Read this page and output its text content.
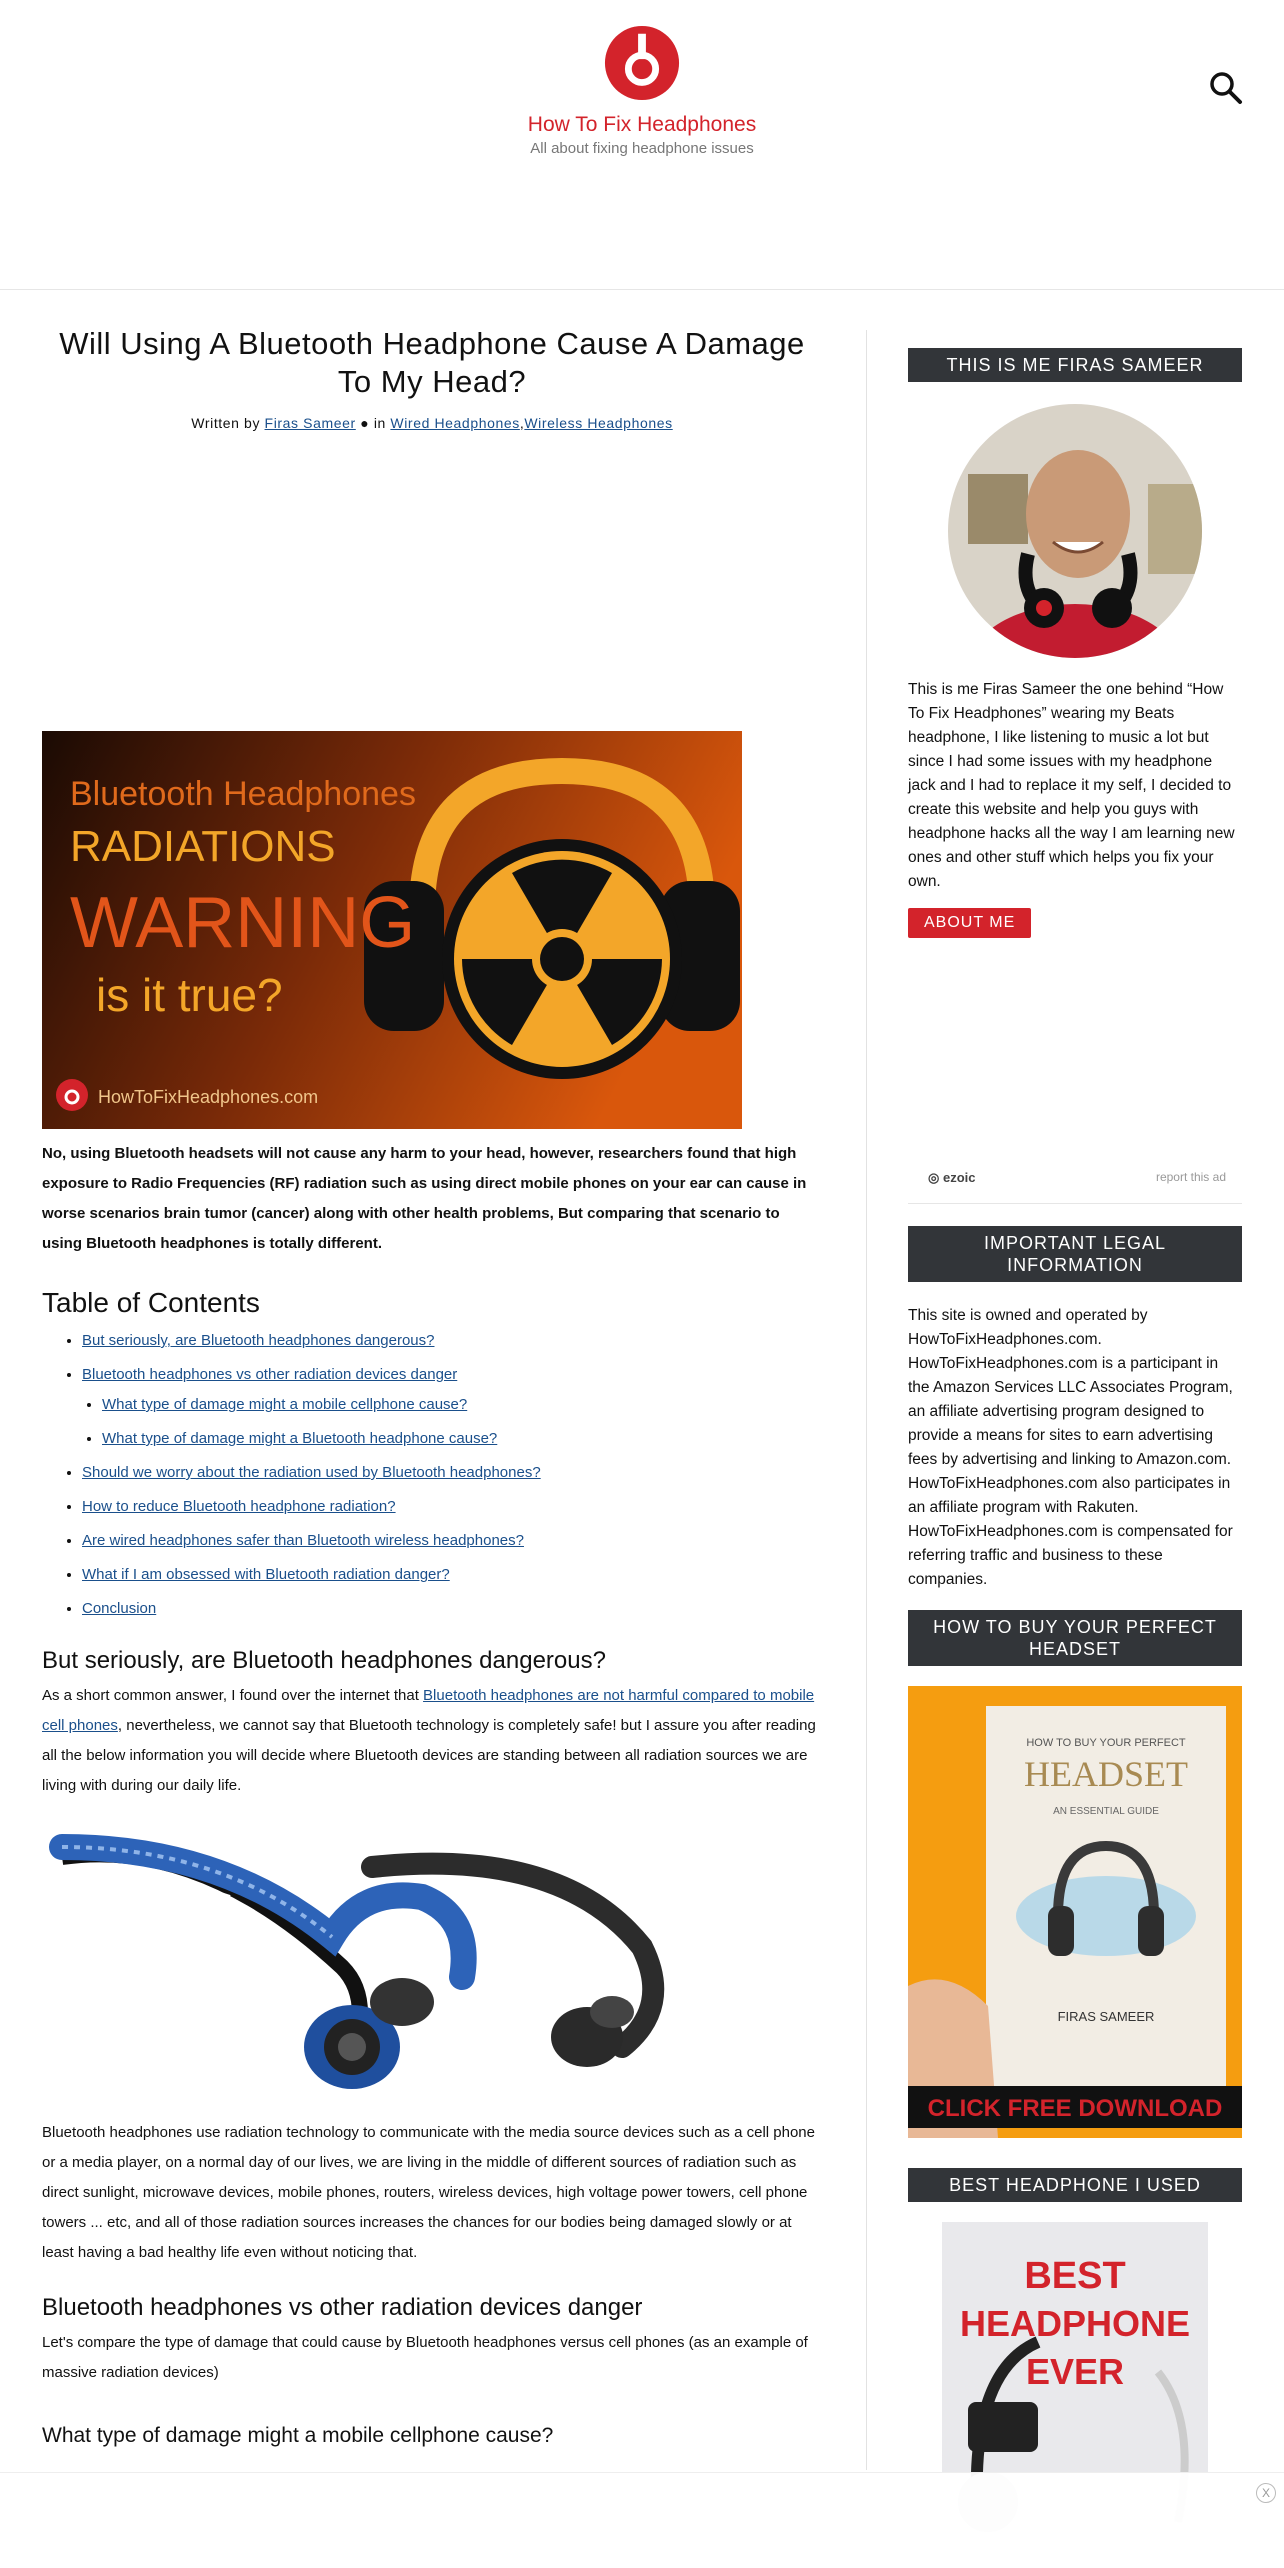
How To Fix Headphones
All about fixing headphone issues
Will Using A Bluetooth Headphone Cause A Damage To My Head?
Written by Firas Sameer ● in Wired Headphones,Wireless Headphones
Bluetooth Headphones
RADIATIONS
WARNING
is it true?
HowToFixHeadphones.com

No, using Bluetooth headsets will not cause any harm to your head, however, researchers found that high exposure to Radio Frequencies (RF) radiation such as using direct mobile phones on your ear can cause in worse scenarios brain tumor (cancer) along with other health problems, But comparing that scenario to using Bluetooth headphones is totally different.

Table of Contents
• But seriously, are Bluetooth headphones dangerous?
• Bluetooth headphones vs other radiation devices danger
• What type of damage might a mobile cellphone cause?
• What type of damage might a Bluetooth headphone cause?
• Should we worry about the radiation used by Bluetooth headphones?
• How to reduce Bluetooth headphone radiation?
• Are wired headphones safer than Bluetooth wireless headphones?
• What if I am obsessed with Bluetooth radiation danger?
• Conclusion
But seriously, are Bluetooth headphones dangerous?

As a short common answer, I found over the internet that Bluetooth headphones are not harmful compared to mobile cell phones, nevertheless, we cannot say that Bluetooth technology is completely safe! but I assure you after reading all the below information you will decide where Bluetooth devices are standing between all radiation sources we are living with during our daily life.

PLT

Bluetooth headphones use radiation technology to communicate with the media source devices such as a cell phone or a media player, on a normal day of our lives, we are living in the middle of different sources of radiation such as direct sunlight, microwave devices, mobile phones, routers, wireless devices, high voltage power towers, cell phone towers ... etc, and all of those radiation sources increases the chances for our bodies being damaged slowly or at least having a bad healthy life even without noticing that.

Bluetooth headphones vs other radiation devices danger

Let's compare the type of damage that could cause by Bluetooth headphones versus cell phones (as an example of massive radiation devices)

What type of damage might a mobile cellphone cause?
THIS IS ME FIRAS SAMEER

This is me Firas Sameer the one behind “How To Fix Headphones” wearing my Beats headphone, I like listening to music a lot but since I had some issues with my headphone jack and I had to replace it my self, I decided to create this website and help you guys with headphone hacks all the way I am learning new ones and other stuff which helps you fix your own.

ABOUT ME
◎ ezoic	report this ad
IMPORTANT LEGAL INFORMATION

This site is owned and operated by HowToFixHeadphones.com. HowToFixHeadphones.com is a participant in the Amazon Services LLC Associates Program, an affiliate advertising program designed to provide a means for sites to earn advertising fees by advertising and linking to Amazon.com. HowToFixHeadphones.com also participates in an affiliate program with Rakuten. HowToFixHeadphones.com is compensated for referring traffic and business to these companies.

HOW TO BUY YOUR PERFECT HEADSET
HOW TO BUY YOUR PERFECT
HEADSET
AN ESSENTIAL GUIDE
FIRAS SAMEER
CLICK FREE DOWNLOAD
BEST HEADPHONE I USED
BEST
HEADPHONE
EVER
X
